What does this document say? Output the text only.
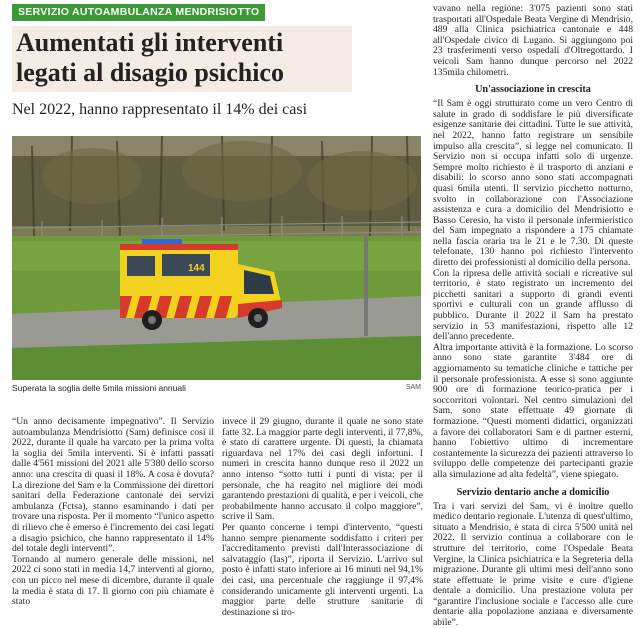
SERVIZIO AUTOAMBULANZA MENDRISIOTTO
Aumentati gli interventi legati al disagio psichico
Nel 2022, hanno rappresentato il 14% dei casi
144
Superata la soglia delle 5mila missioni annuali	SAM

“Un anno decisamente impegnativo”. Il Servizio autoambulanza Mendrisiotto (Sam) definisce così il 2022, durante il quale ha varcato per la prima volta la soglia dei 5mila interventi. Si è infatti passati dalle 4'561 missioni del 2021 alle 5'380 dello scorso anno: una crescita di quasi il 18%. A cosa è dovuta? La direzione del Sam e la Commissione dei direttori sanitari della Federazione cantonale dei servizi ambulanza (Fctsa), stanno esaminando i dati per trovare una risposta. Per il momento “l'unico aspetto di rilievo che è emerso è l'incremento dei casi legati a disagio psichico, che hanno rappresentato il 14% del totale degli interventi”.

Tornando al numero generale delle missioni, nel 2022 ci sono stati in media 14,7 interventi al giorno, con un picco nel mese di dicembre, durante il quale la media è stata di 17. Il giorno con più chiamate è stato

invece il 29 giugno, durante il quale ne sono state fatte 32. La maggior parte degli interventi, il 77,8%, è stato di carattere urgente. Di questi, la chiamata riguardava nel 17% dei casi degli infortuni. I numeri in crescita hanno dunque reso il 2022 un anno intenso “sotto tutti i punti di vista: per il personale, che ha reagito nel migliore dei modi garantendo prestazioni di qualità, e per i veicoli, che probabilmente hanno accusato il colpo maggiore”, scrive il Sam.

Per quanto concerne i tempi d'intervento, “questi hanno sempre pienamente soddisfatto i criteri per l'accreditamento previsti dall'Interassociazione di salvataggio (Ias)”, riporta il Servizio. L'arrivo sul posto è infatti stato inferiore ai 16 minuti nel 94,1% dei casi, una percentuale che raggiunge il 97,4% considerando unicamente gli interventi urgenti. La maggior parte delle strutture sanitarie di destinazione si tro-

vavano nella regione: 3'075 pazienti sono stati trasportati all'Ospedale Beata Vergine di Mendrisio, 489 alla Clinica psichiatrica cantonale e 448 all'Ospedale civico di Lugano. Si aggiungono poi 23 trasferimenti verso ospedali d'Oltregottardo. I veicoli Sam hanno dunque percorso nel 2022 135mila chilometri.

Un'associazione in crescita

“Il Sam è oggi strutturato come un vero Centro di salute in grado di soddisfare le più diversificate esigenze sanitarie dei cittadini. Tutte le sue attività, nel 2022, hanno fatto registrare un sensibile impulso alla crescita”, si legge nel comunicato. Il Servizio non si occupa infatti solo di urgenze. Sempre molto richiesto è il trasporto di anziani e disabili: lo scorso anno sono stati accompagnati quasi 6mila utenti. Il servizio picchetto notturno, svolto in collaborazione con l'Associazione assistenza e cura a domicilio del Mendrisiotto e Basso Ceresio, ha visto il personale infermieristico del Sam impegnato a rispondere a 175 chiamate nella fascia oraria tra le 21 e le 7.30. Di queste telefonate, 130 hanno poi richiesto l'intervento diretto dei professionisti al domicilio della persona.

Con la ripresa delle attività sociali e ricreative sul territorio, è stato registrato un incremento dei picchetti sanitari a supporto di grandi eventi sportivi e culturali con un grande afflusso di pubblico. Durante il 2022 il Sam ha prestato servizio in 53 manifestazioni, rispetto alle 12 dell'anno precedente.

Altra importante attività è la formazione. Lo scorso anno sono state garantite 3'484 ore di aggiornamento su tematiche cliniche e tattiche per il personale professionista. A esse si sono aggiunte 900 ore di formazione teorico-pratica per i soccorritori volontari. Nel centro simulazioni del Sam, sono state effettuate 49 giornate di formazione. “Questi momenti didattici, organizzati a favore dei collaboratori Sam e di partner esterni, hanno l'obiettivo ultimo di incrementare costantemente la sicurezza dei pazienti attraverso lo sviluppo delle competenze dei partecipanti grazie alla simulazione ad alta fedeltà”, viene spiegato.

Servizio dentario anche a domicilio

Tra i vari servizi del Sam, vi è inoltre quello medico dentario regionale. L'utenza di quest'ultimo, situato a Mendrisio, è stata di circa 5'500 unità nel 2022. Il servizio continua a collaborare con le strutture del territorio, come l'Ospedale Beata Vergine, la Clinica psichiatrica e la Segreteria della migrazione. Durante gli ultimi mesi dell'anno sono state effettuate le prime visite e cure d'igiene dentale a domicilio. Una prestazione voluta per “garantire l'inclusione sociale e l'accesso alle cure dentarie alla popolazione anziana e diversamente abile”.
